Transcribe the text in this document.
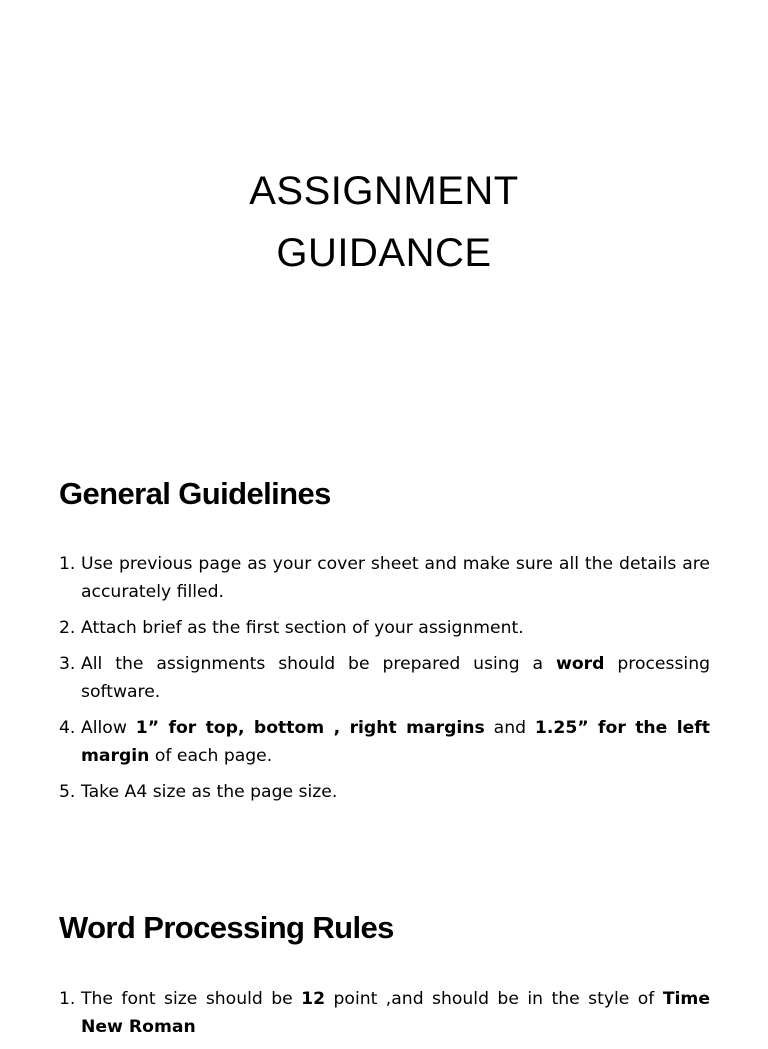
ASSIGNMENT
GUIDANCE
General Guidelines
1. Use previous page as your cover sheet and make sure all the details are accurately filled.
2. Attach brief as the first section of your assignment.
3. All the assignments should be prepared using a word processing software.
4. Allow 1” for top, bottom , right margins and 1.25” for the left margin of each page.
5. Take A4 size as the page size.
Word Processing Rules
1. The font size should be 12 point ,and should be in the style of Time New Roman
